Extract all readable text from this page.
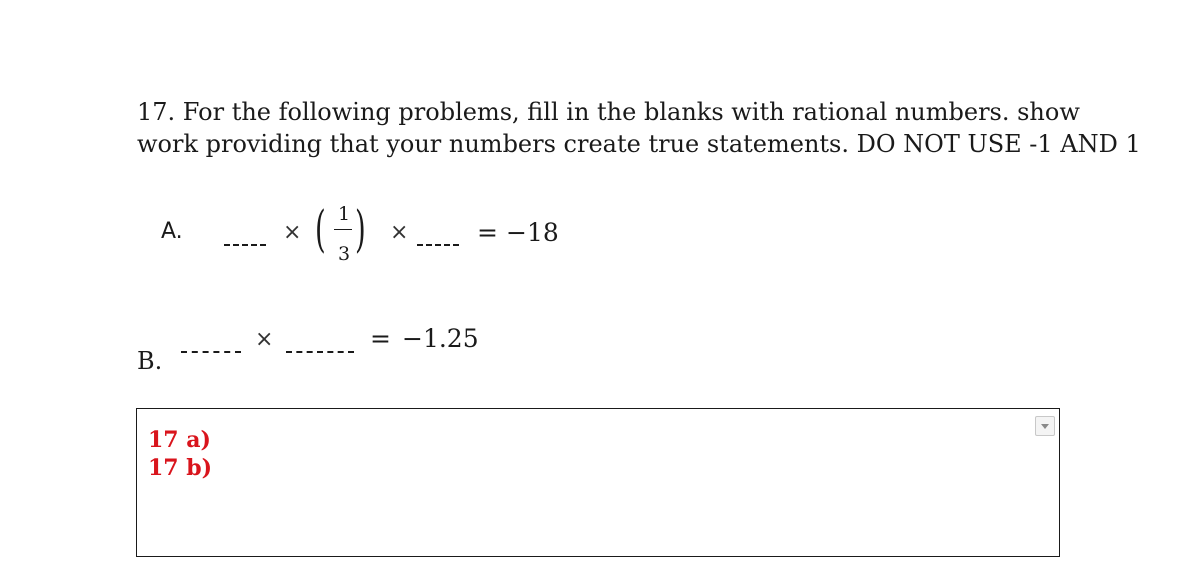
17. For the following problems, fill in the blanks with rational numbers. show
work providing that your numbers create true statements. DO NOT USE -1 AND 1

A.	× ( 1
3 ) ×	= −18
B.
×	= −1.25
17 a)
17 b)
